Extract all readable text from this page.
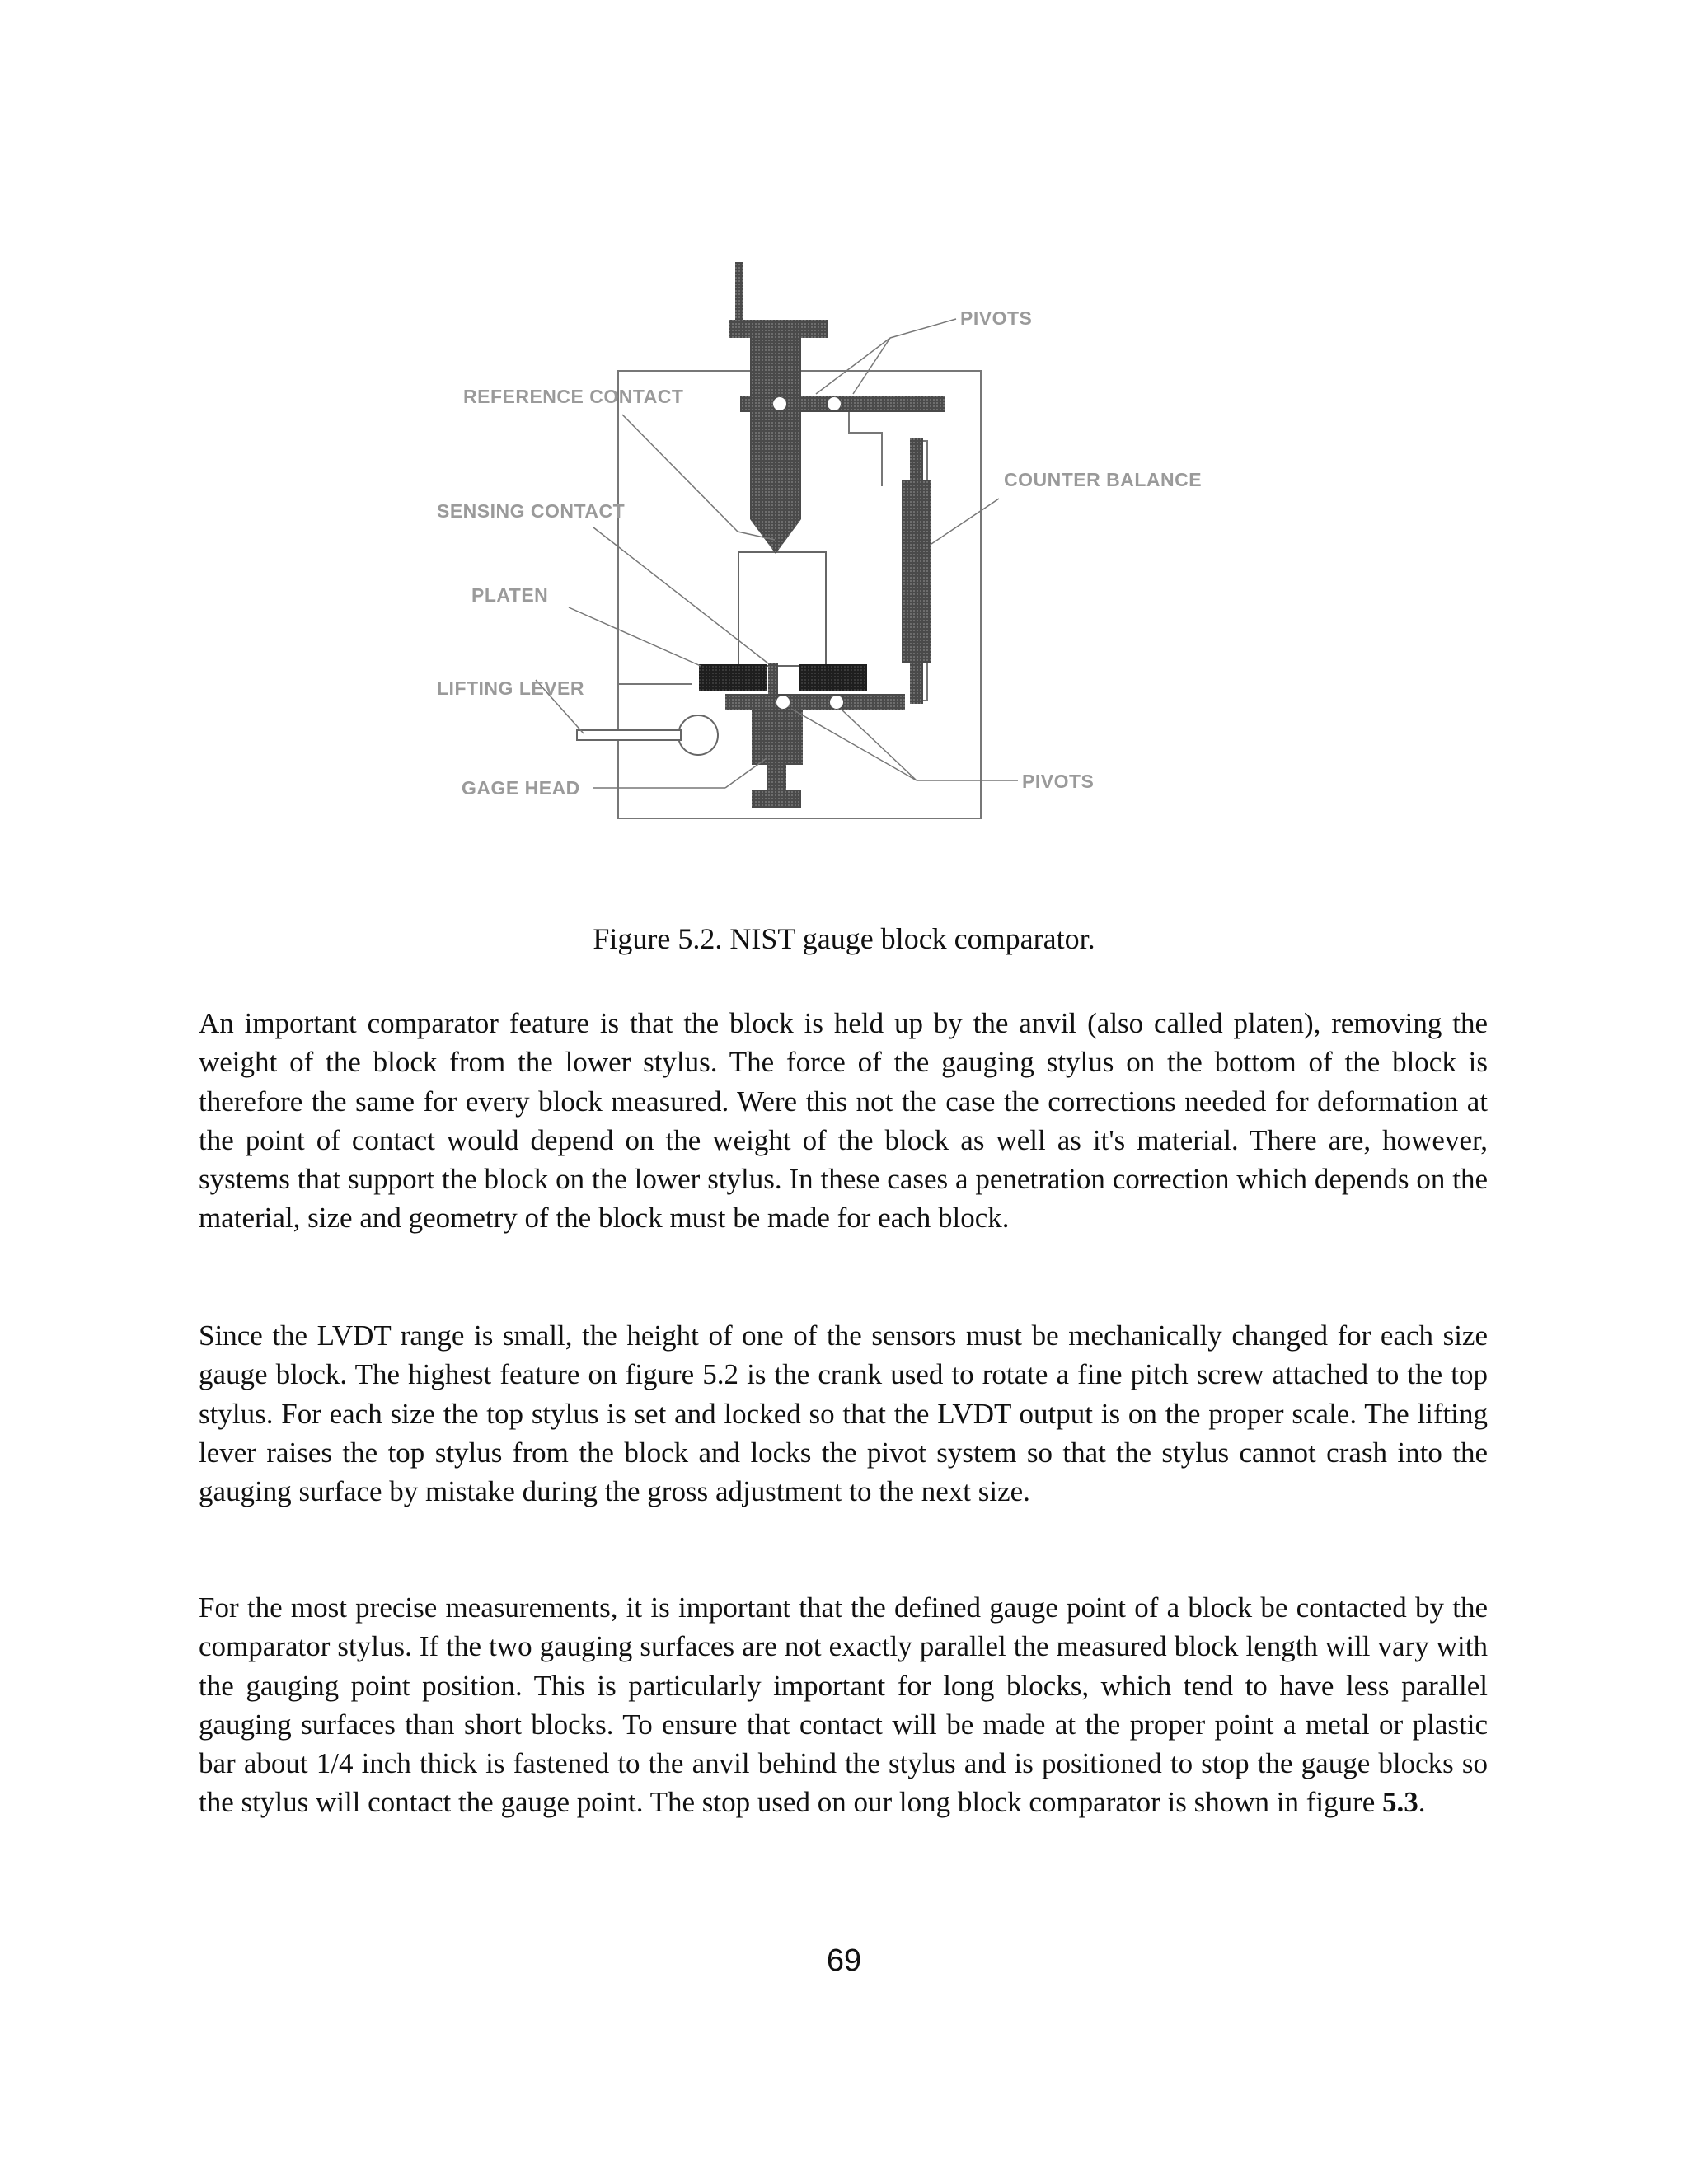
PIVOTS
REFERENCE CONTACT
COUNTER BALANCE
SENSING CONTACT
PLATEN
LIFTING LEVER
GAGE HEAD	PIVOTS

Figure 5.2. NIST gauge block comparator.

An important comparator feature is that the block is held up by the anvil (also called platen), removing the weight of the block from the lower stylus. The force of the gauging stylus on the bottom of the block is therefore the same for every block measured. Were this not the case the corrections needed for deformation at the point of contact would depend on the weight of the block as well as it's material. There are, however, systems that support the block on the lower stylus. In these cases a penetration correction which depends on the material, size and geometry of the block must be made for each block.

Since the LVDT range is small, the height of one of the sensors must be mechanically changed for each size gauge block. The highest feature on figure 5.2 is the crank used to rotate a fine pitch screw attached to the top stylus. For each size the top stylus is set and locked so that the LVDT output is on the proper scale. The lifting lever raises the top stylus from the block and locks the pivot system so that the stylus cannot crash into the gauging surface by mistake during the gross adjustment to the next size.

For the most precise measurements, it is important that the defined gauge point of a block be contacted by the comparator stylus. If the two gauging surfaces are not exactly parallel the measured block length will vary with the gauging point position. This is particularly important for long blocks, which tend to have less parallel gauging surfaces than short blocks. To ensure that contact will be made at the proper point a metal or plastic bar about 1/4 inch thick is fastened to the anvil behind the stylus and is positioned to stop the gauge blocks so the stylus will contact the gauge point. The stop used on our long block comparator is shown in figure 5.3.

69
